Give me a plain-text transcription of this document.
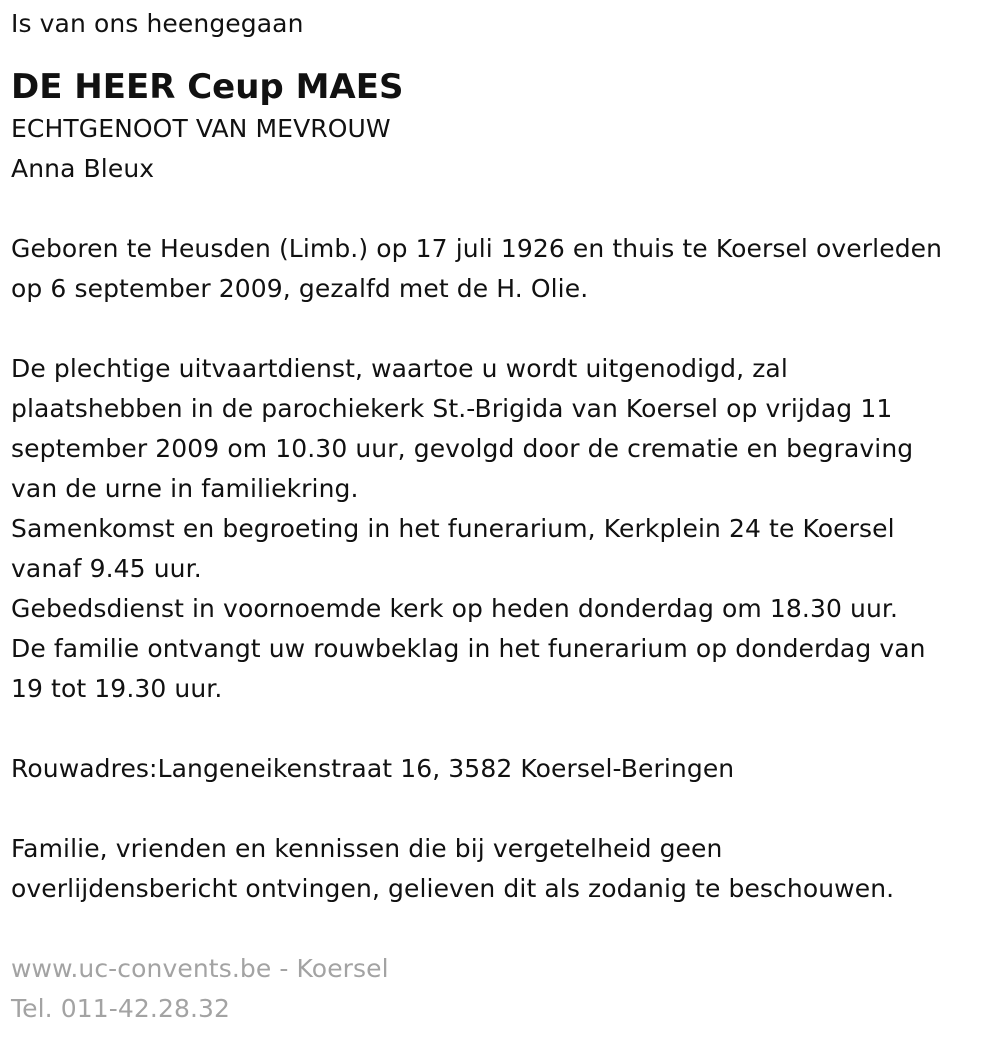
Is van ons heengegaan
DE HEER Ceup MAES
ECHTGENOOT VAN MEVROUW
Anna Bleux
Geboren te Heusden (Limb.) op 17 juli 1926 en thuis te Koersel overleden
op 6 september 2009, gezalfd met de H. Olie.
De plechtige uitvaartdienst, waartoe u wordt uitgenodigd, zal
plaatshebben in de parochiekerk St.-Brigida van Koersel op vrijdag 11
september 2009 om 10.30 uur, gevolgd door de crematie en begraving
van de urne in familiekring.
Samenkomst en begroeting in het funerarium, Kerkplein 24 te Koersel
vanaf 9.45 uur.
Gebedsdienst in voornoemde kerk op heden donderdag om 18.30 uur.
De familie ontvangt uw rouwbeklag in het funerarium op donderdag van
19 tot 19.30 uur.
Rouwadres:Langeneikenstraat 16, 3582 Koersel-Beringen
Familie, vrienden en kennissen die bij vergetelheid geen
overlijdensbericht ontvingen, gelieven dit als zodanig te beschouwen.
www.uc-convents.be - Koersel
Tel. 011-42.28.32
